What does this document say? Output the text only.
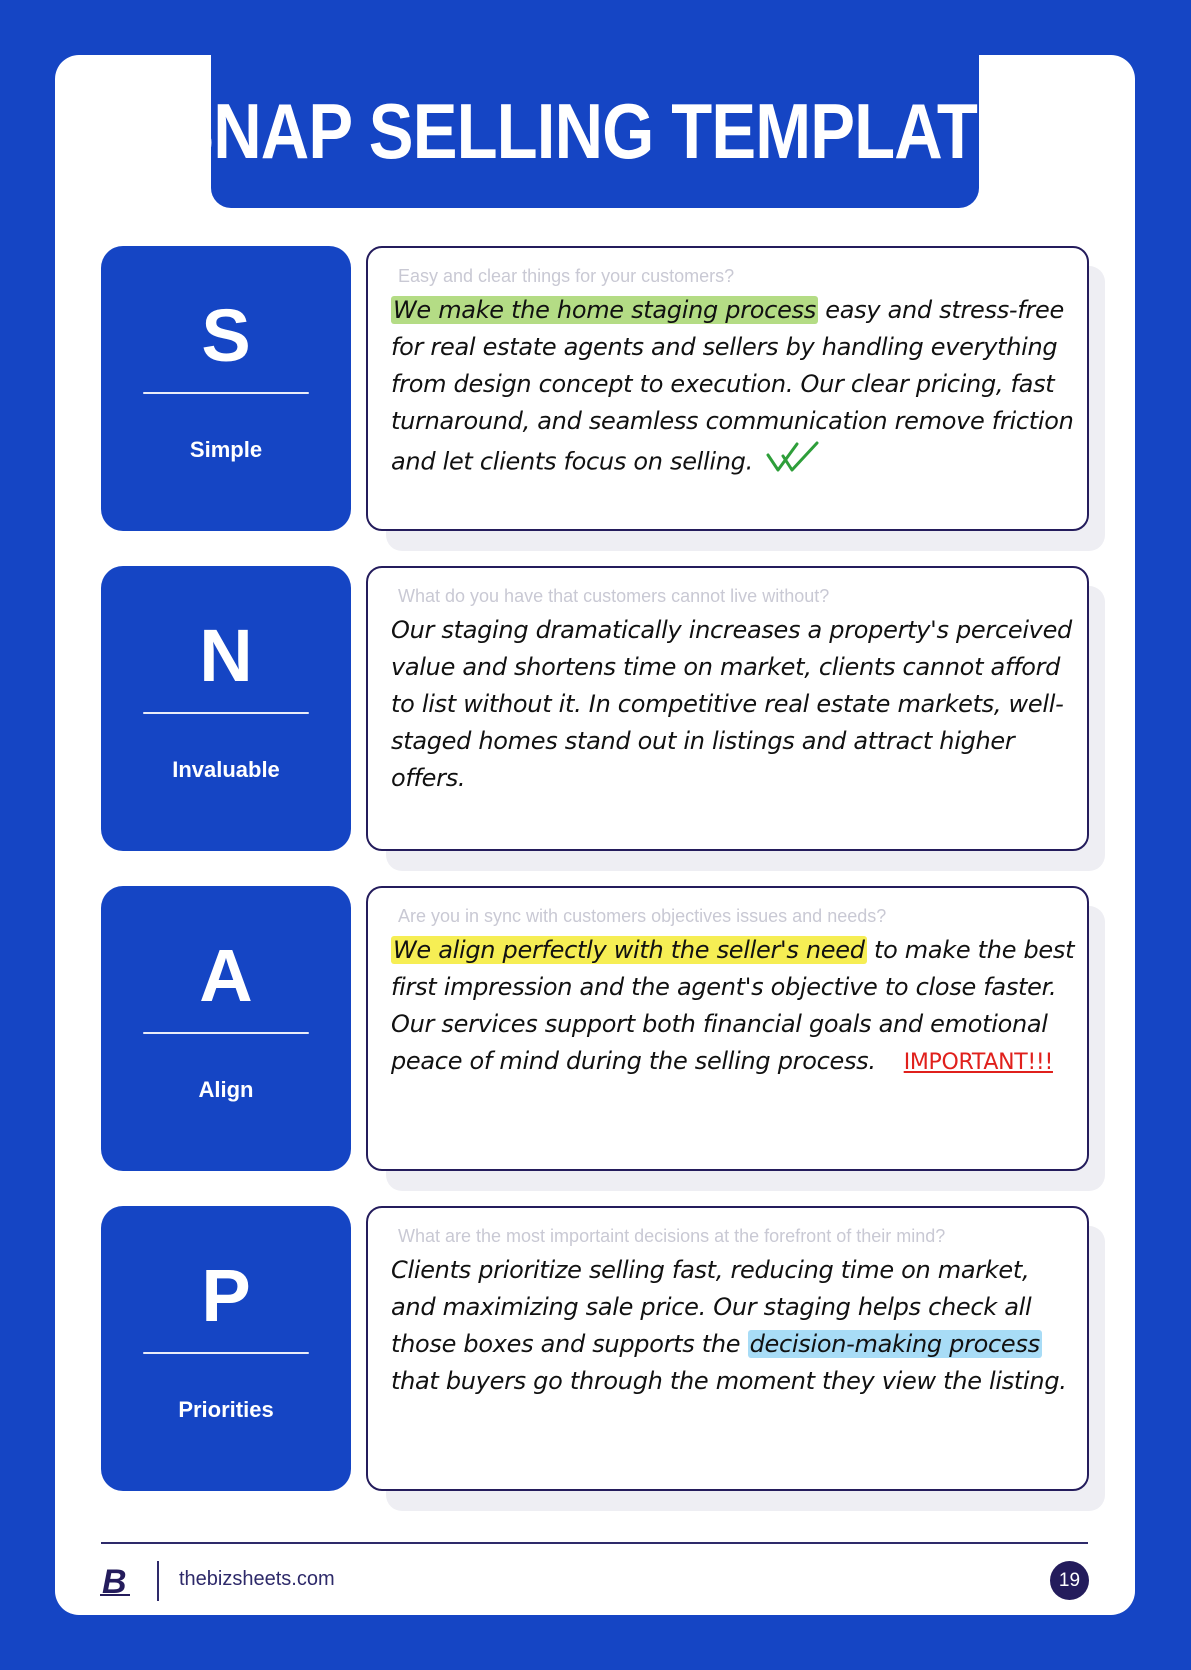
SNAP SELLING TEMPLATE
S
Simple
Easy and clear things for your customers?
We make the home staging process easy and stress-free for real estate agents and sellers by handling everything from design concept to execution. Our clear pricing, fast turnaround, and seamless communication remove friction and let clients focus on selling.
N
Invaluable
What do you have that customers cannot live without?
Our staging dramatically increases a property's perceived value and shortens time on market, clients cannot afford to list without it. In competitive real estate markets, well-staged homes stand out in listings and attract higher offers.
A
Align
Are you in sync with customers objectives issues and needs?
We align perfectly with the seller's need to make the best first impression and the agent's objective to close faster. Our services support both financial goals and emotional peace of mind during the selling process. IMPORTANT!!!
P
Priorities
What are the most importaint decisions at the forefront of their mind?
Clients prioritize selling fast, reducing time on market, and maximizing sale price. Our staging helps check all those boxes and supports the decision-making process that buyers go through the moment they view the listing.
B	thebizsheets.com	19
